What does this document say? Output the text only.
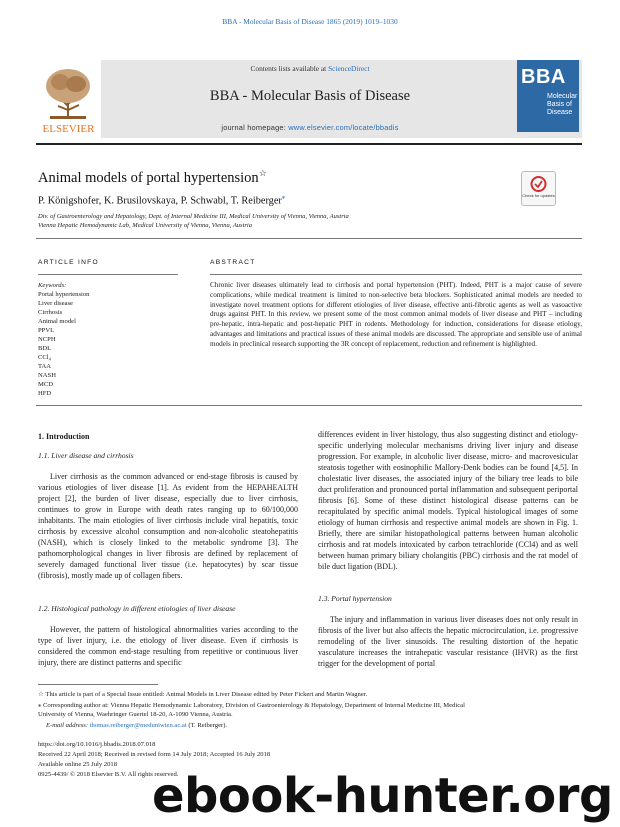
BBA - Molecular Basis of Disease 1865 (2019) 1019–1030
ELSEVIER
Contents lists available at ScienceDirect
BBA - Molecular Basis of Disease
journal homepage: www.elsevier.com/locate/bbadis
BBA
Molecular Basis of Disease
Animal models of portal hypertension☆
Check for updates
P. Königshofer, K. Brusilovskaya, P. Schwabl, T. Reiberger⁎
Div. of Gastroenterology and Hepatology, Dept. of Internal Medicine III, Medical University of Vienna, Vienna, Austria
Vienna Hepatic Hemodynamic Lab, Medical University of Vienna, Vienna, Austria
ARTICLE INFO	ABSTRACT
Keywords:
Portal hypertension
Liver disease
Cirrhosis
Animal model
PPVL
NCPH
BDL
CCl₄
TAA
NASH
MCD
HFD
Chronic liver diseases ultimately lead to cirrhosis and portal hypertension (PHT). Indeed, PHT is a major cause of severe complications, while medical treatment is limited to non-selective beta blockers. Sophisticated animal models are needed to investigate novel treatment options for different etiologies of liver disease, effective anti-fibrotic agents as well as vasoactive drugs against PHT. In this review, we present some of the most common animal models of liver disease and PHT – including pre-hepatic, intra-hepatic and post-hepatic PHT in rodents. Methodology for induction, considerations for disease etiology, advantages and limitations and practical issues of these animal models are discussed. The appropriate and sensible use of animal models in preclinical research supporting the 3R concept of replacement, reduction and refinement is highlighted.
1. Introduction
1.1. Liver disease and cirrhosis
Liver cirrhosis as the common advanced or end-stage fibrosis is caused by various etiologies of liver disease [1]. As evident from the HEPAHEALTH project [2], the burden of liver disease, especially due to liver cirrhosis, continues to grow in Europe with death rates ranging up to 60/100,000 inhabitants. The main etiologies of liver cirrhosis include viral hepatitis, toxic cirrhosis by excessive alcohol consumption and non-alcoholic steatohepatitis (NASH), which is closely linked to the metabolic syndrome [3]. The pathomorphological changes in liver fibrosis are defined by replacement of severely damaged functional liver tissue (i.e. hepatocytes) by scar tissue (fibrosis), mostly made up of collagen fibers.
1.2. Histological pathology in different etiologies of liver disease
However, the pattern of histological abnormalities varies according to the type of liver injury, i.e. the etiology of liver disease. Even if cirrhosis is considered the common end-stage resulting from repetitive or continuous liver injury, there are distinct patterns and specific
differences evident in liver histology, thus also suggesting distinct and etiology-specific underlying molecular mechanisms driving liver injury and disease progression. For example, in alcoholic liver disease, micro- and macrovesicular steatosis together with eosinophilic Mallory-Denk bodies can be found [4,5]. In cholestatic liver diseases, the associated injury of the biliary tree leads to bile duct proliferation and pronounced portal inflammation and subsequent periportal fibrosis [6]. Some of these distinct histological disease patterns can be recapitulated by specific animal models. Typical histological images of some etiology of human cirrhosis and respective animal models are shown in Fig. 1. Briefly, there are similar histopathological patterns between human alcoholic cirrhosis and rat models intoxicated by carbon tetrachloride (CCl4) and as well between human primary biliary cholangitis (PBC) cirrhosis and the rat model of bile duct ligation (BDL).
1.3. Portal hypertension
The injury and inflammation in various liver diseases does not only result in fibrosis of the liver but also affects the hepatic microcirculation, i.e. progressive remodeling of the liver sinusoids. The resulting distortion of the hepatic vasculature increases the intrahepatic vascular resistance (IHVR) as the first trigger for the development of portal
☆ This article is part of a Special Issue entitled: Animal Models in Liver Disease edited by Peter Fickert and Martin Wagner.
⁎ Corresponding author at: Vienna Hepatic Hemodynamic Laboratory, Division of Gastroenterology & Hepatology, Department of Internal Medicine III, Medical
University of Vienna, Waehringer Guertel 18-20, A-1090 Vienna, Austria.
E-mail address: thomas.reiberger@meduniwien.ac.at (T. Reiberger).
https://doi.org/10.1016/j.bbadis.2018.07.018
Received 22 April 2018; Received in revised form 14 July 2018; Accepted 16 July 2018
Available online 25 July 2018
0925-4439/ © 2018 Elsevier B.V. All rights reserved.
ebook-hunter.org
